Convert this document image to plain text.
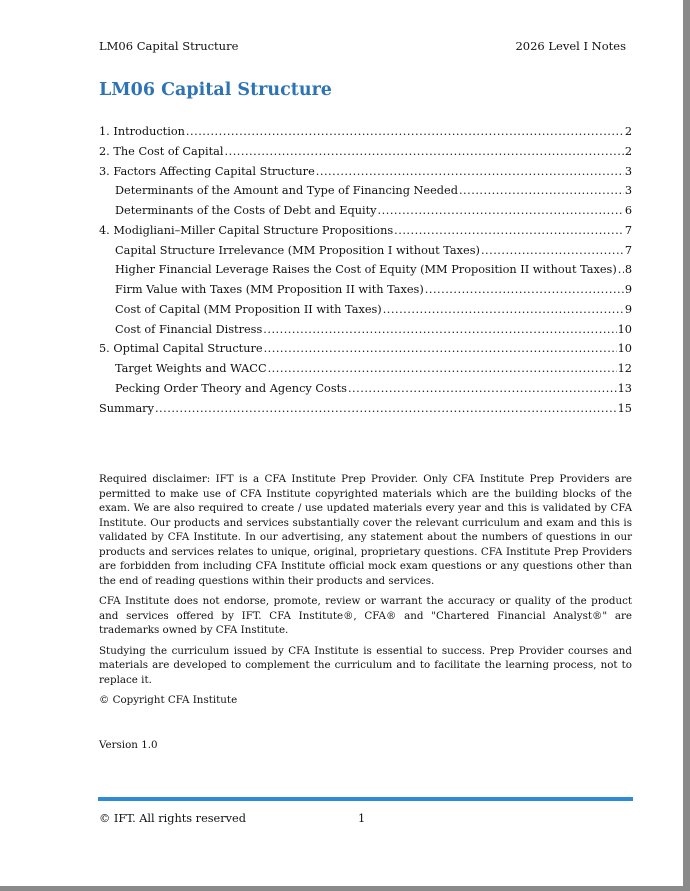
LM06 Capital Structure	2026 Level I Notes
LM06 Capital Structure
1. Introduction .....	2
2. The Cost of Capital .....	2
3. Factors Affecting Capital Structure .....	3
Determinants of the Amount and Type of Financing Needed .....	3
Determinants of the Costs of Debt and Equity .....	6
4. Modigliani–Miller Capital Structure Propositions .....	7
Capital Structure Irrelevance (MM Proposition I without Taxes) .....	7
Higher Financial Leverage Raises the Cost of Equity (MM Proposition II without Taxes) ..... 8
Firm Value with Taxes (MM Proposition II with Taxes) .....	9
Cost of Capital (MM Proposition II with Taxes) .....	9
Cost of Financial Distress .....	10
5. Optimal Capital Structure .....	10
Target Weights and WACC .....	12
Pecking Order Theory and Agency Costs .....	13
Summary .....	15

Required disclaimer: IFT is a CFA Institute Prep Provider. Only CFA Institute Prep Providers are permitted to make use of CFA Institute copyrighted materials which are the building blocks of the exam. We are also required to create / use updated materials every year and this is validated by CFA Institute. Our products and services substantially cover the relevant curriculum and exam and this is validated by CFA Institute. In our advertising, any statement about the numbers of questions in our products and services relates to unique, original, proprietary questions. CFA Institute Prep Providers are forbidden from including CFA Institute official mock exam questions or any questions other than the end of reading questions within their products and services.

CFA Institute does not endorse, promote, review or warrant the accuracy or quality of the product and services offered by IFT. CFA Institute®, CFA® and "Chartered Financial Analyst®" are trademarks owned by CFA Institute.

Studying the curriculum issued by CFA Institute is essential to success. Prep Provider courses and materials are developed to complement the curriculum and to facilitate the learning process, not to replace it.

© Copyright CFA Institute

Version 1.0
© IFT. All rights reserved	1
